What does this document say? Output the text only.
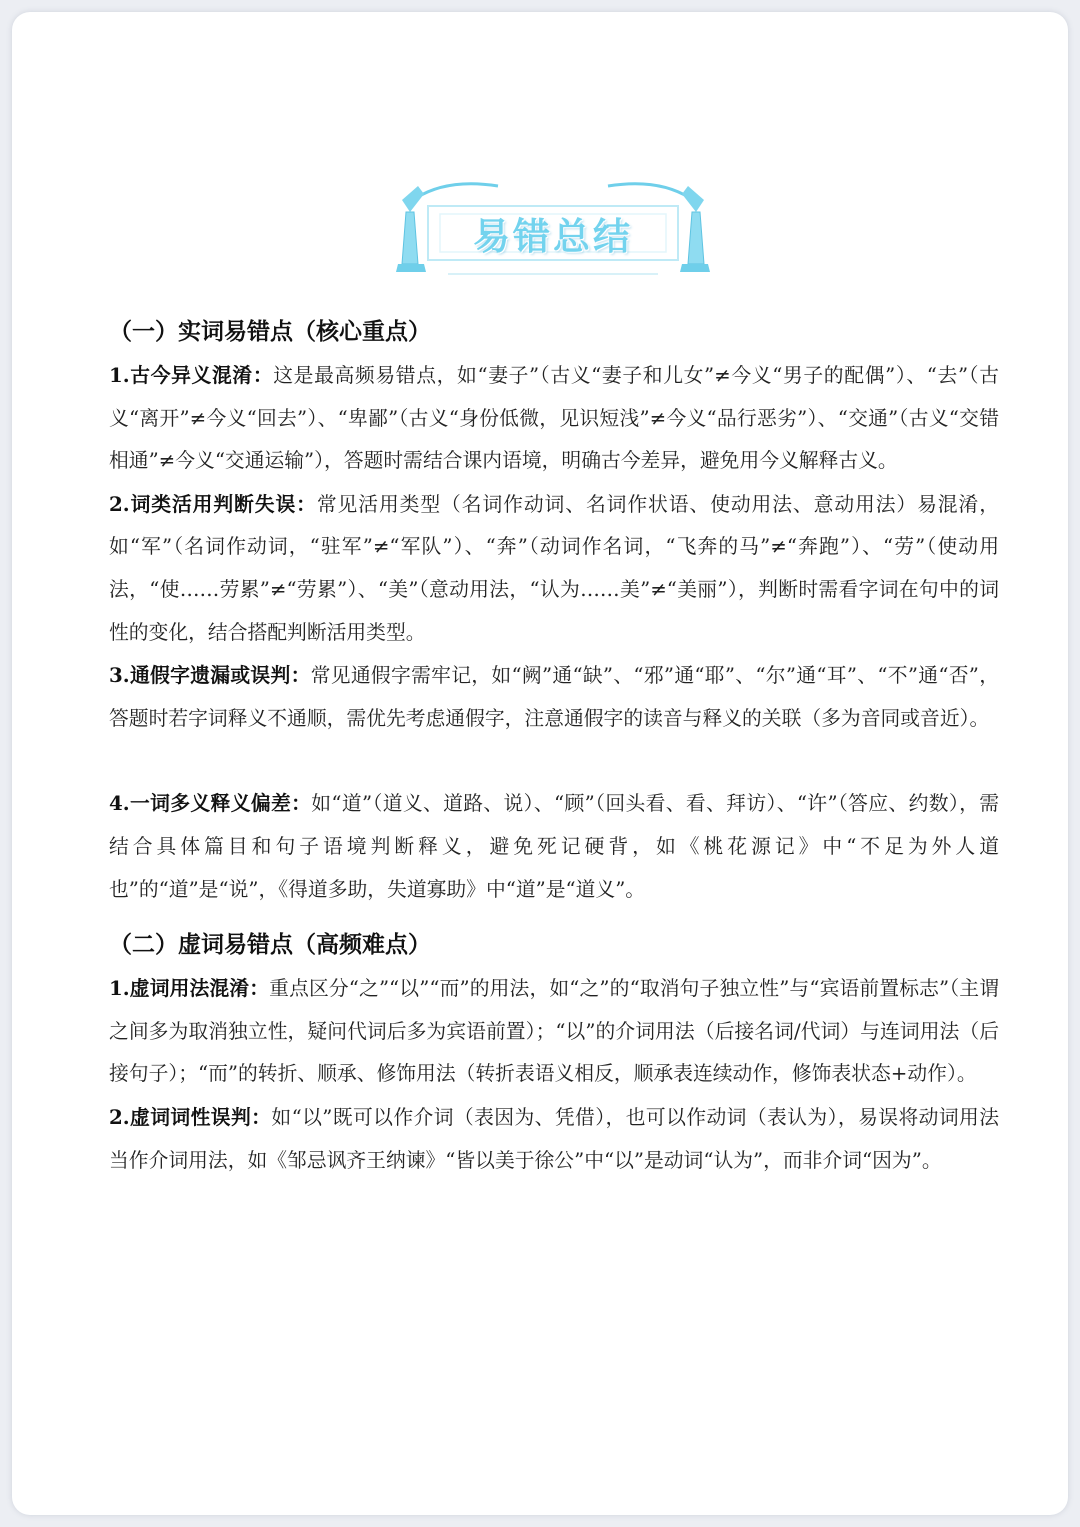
易错总结
（一）实词易错点（核心重点）

1.古今异义混淆：这是最高频易错点，如“妻子”（古义“妻子和儿女”≠今义“男子的配偶”）、“去”（古义“离开”≠今义“回去”）、“卑鄙”（古义“身份低微，见识短浅”≠今义“品行恶劣”）、“交通”（古义“交错相通”≠今义“交通运输”），答题时需结合课内语境，明确古今差异，避免用今义解释古义。

2.词类活用判断失误：常见活用类型（名词作动词、名词作状语、使动用法、意动用法）易混淆，如“军”（名词作动词，“驻军”≠“军队”）、“奔”（动词作名词，“飞奔的马”≠“奔跑”）、“劳”（使动用法，“使……劳累”≠“劳累”）、“美”（意动用法，“认为……美”≠“美丽”），判断时需看字词在句中的词性的变化，结合搭配判断活用类型。

3.通假字遗漏或误判：常见通假字需牢记，如“阙”通“缺”、“邪”通“耶”、“尔”通“耳”、“不”通“否”，答题时若字词释义不通顺，需优先考虑通假字，注意通假字的读音与释义的关联（多为音同或音近）。

4.一词多义释义偏差：如“道”（道义、道路、说）、“顾”（回头看、看、拜访）、“许”（答应、约数），需结合具体篇目和句子语境判断释义，避免死记硬背，如《桃花源记》中“不足为外人道也”的“道”是“说”，《得道多助，失道寡助》中“道”是“道义”。

（二）虚词易错点（高频难点）

1.虚词用法混淆：重点区分“之”“以”“而”的用法，如“之”的“取消句子独立性”与“宾语前置标志”（主谓之间多为取消独立性，疑问代词后多为宾语前置）；“以”的介词用法（后接名词/代词）与连词用法（后接句子）；“而”的转折、顺承、修饰用法（转折表语义相反，顺承表连续动作，修饰表状态+动作）。

2.虚词词性误判：如“以”既可以作介词（表因为、凭借），也可以作动词（表认为），易误将动词用法当作介词用法，如《邹忌讽齐王纳谏》“皆以美于徐公”中“以”是动词“认为”，而非介词“因为”。
